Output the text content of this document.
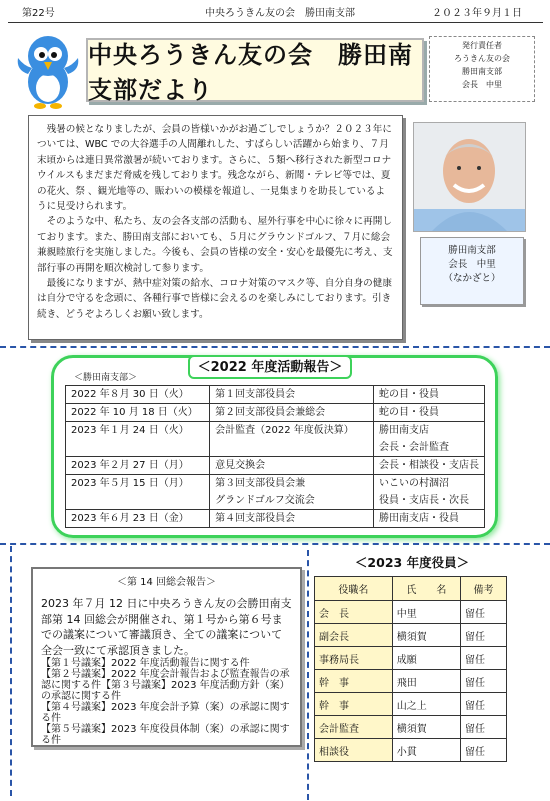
第22号	中央ろうきん友の会　勝田南支部	２０２３年９月１日
中央ろうきん友の会　勝田南支部だより
発行責任者
ろうきん友の会
勝田南支部
会長　中里

残暑の候となりましたが、会員の皆様いかがお過ごしでしょうか？２０２３年については、WBC での大谷選手の人間離れした、すばらしい活躍から始まり、７月末頃からは連日異常激暑が続いております。さらに、５類へ移行された新型コロナウイルスもまだまだ脅威を残しております。残念ながら、新聞・テレビ等では、夏の花火、祭 、観光地等の、賑わいの模様を報道し、一見集まりを助長しているように見受けられます。

そのような中、私たち、友の会各支部の活動も、屋外行事を中心に徐々に再開しております。また、勝田南支部においても、５月にグラウンドゴルフ、７月に総会兼親睦旅行を実施しました。今後も、会員の皆様の安全・安心を最優先に考え、支部行事の再開を順次検討して参ります。

最後になりますが、熱中症対策の給水、コロナ対策のマスク等、自分自身の健康は自分で守るを念頭に、各種行事で皆様に会えるのを楽しみにしております。引き続き、どうぞよろしくお願い致します。

勝田南支部
会長　中里
（なかざと）
＜2022 年度活動報告＞
＜勝田南支部＞
2022 年８月 30 日（火）	第１回支部役員会	蛇の目・役員
2022 年 10 月 18 日（火）	第２回支部役員会兼総会	蛇の目・役員
2023 年１月 24 日（火）	会計監査（2022 年度仮決算）	勝田南支店
		会長・会計監査
2023 年２月 27 日（月）	意見交換会	会長・相談役・支店長
2023 年５月 15 日（月）	第３回支部役員会兼	いこいの村涸沼
	グランドゴルフ交流会	役員・支店長・次長
2023 年６月 23 日（金）	第４回支部役員会	勝田南支店・役員
＜第 14 回総会報告＞

2023 年７月 12 日に中央ろうきん友の会勝田南支部第 14 回総会が開催され、第１号から第６号までの議案について審議頂き、全ての議案について全会一致にて承認頂きました。

【第１号議案】2022 年度活動報告に関する件
【第２号議案】2022 年度会計報告および監査報告の承認に関する件【第３号議案】2023 年度活動方針（案）の承認に関する件
【第４号議案】2023 年度会計予算（案）の承認に関する件
【第５号議案】2023 年度役員体制（案）の承認に関する件
＜2023 年度役員＞
役職名	氏　　名	備考
会　長	中里	留任
副会長	横須賀	留任
事務局長	成願	留任
幹　事	飛田	留任
幹　事	山之上	留任
会計監査	横須賀	留任
相談役	小貫	留任
